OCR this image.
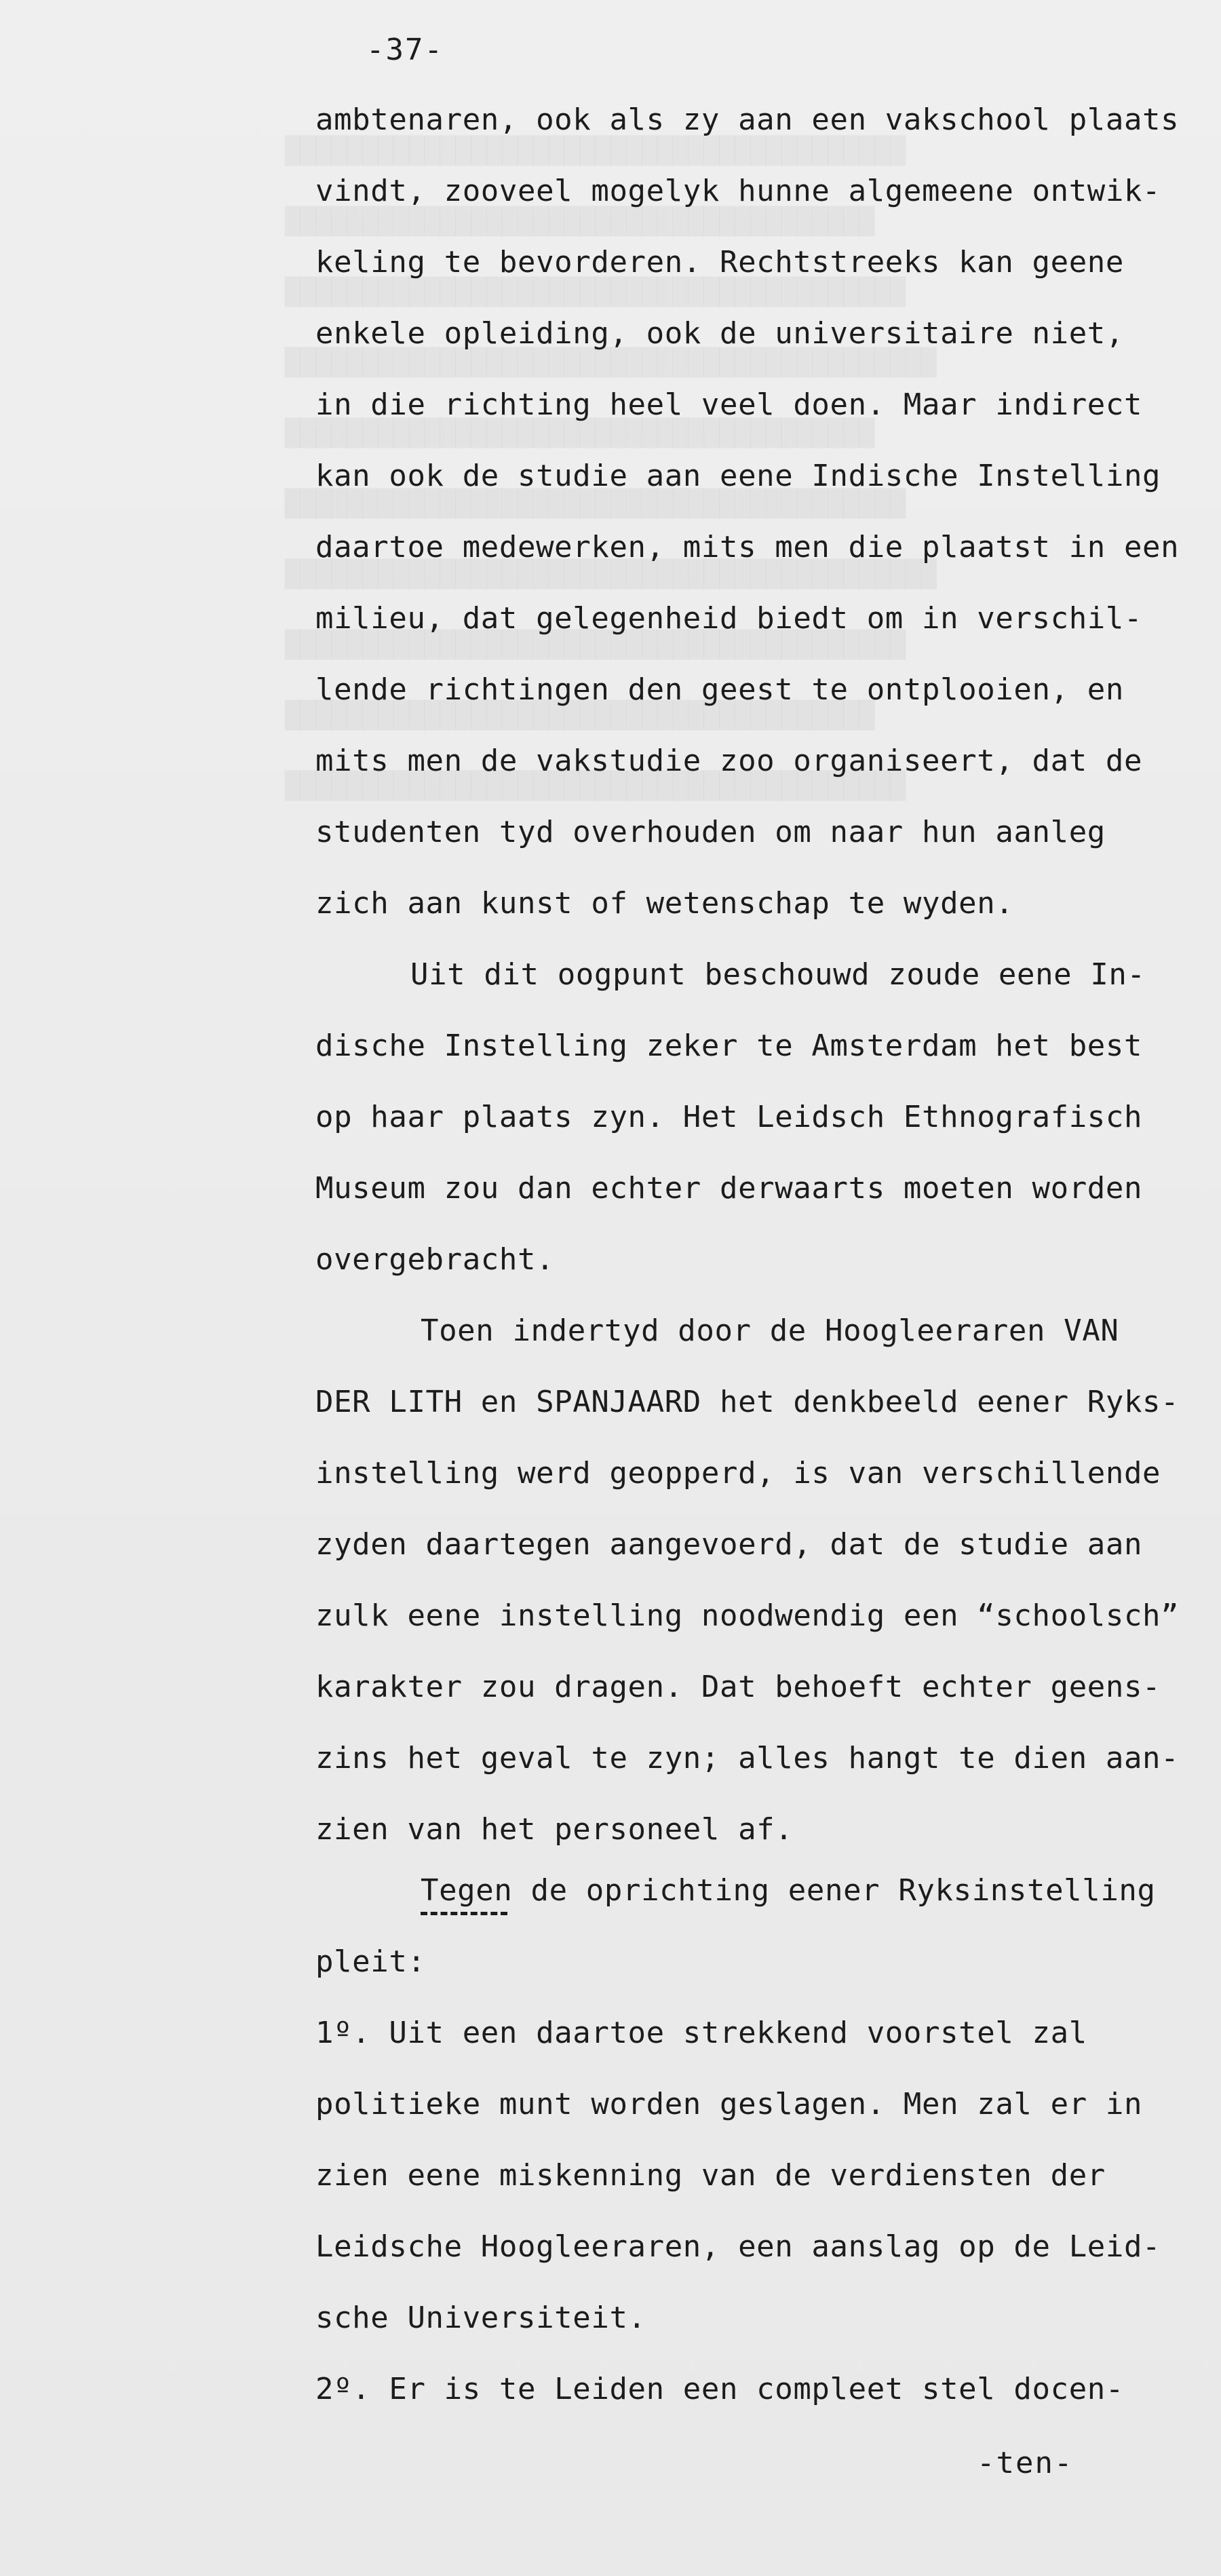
-37-
ambtenaren, ook als zy aan een vakschool plaats
vindt, zooveel mogelyk hunne algemeene ontwik-
keling te bevorderen. Rechtstreeks kan geene
enkele opleiding, ook de universitaire niet,
in die richting heel veel doen. Maar indirect
kan ook de studie aan eene Indische Instelling
daartoe medewerken, mits men die plaatst in een
milieu, dat gelegenheid biedt om in verschil-
lende richtingen den geest te ontplooien, en
mits men de vakstudie zoo organiseert, dat de
studenten tyd overhouden om naar hun aanleg
zich aan kunst of wetenschap te wyden.
Uit dit oogpunt beschouwd zoude eene In-
dische Instelling zeker te Amsterdam het best
op haar plaats zyn. Het Leidsch Ethnografisch
Museum zou dan echter derwaarts moeten worden
overgebracht.
Toen indertyd door de Hoogleeraren VAN
DER LITH en SPANJAARD het denkbeeld eener Ryks-
instelling werd geopperd, is van verschillende
zyden daartegen aangevoerd, dat de studie aan
zulk eene instelling noodwendig een “schoolsch”
karakter zou dragen. Dat behoeft echter geens-
zins het geval te zyn; alles hangt te dien aan-
zien van het personeel af.
Tegen de oprichting eener Ryksinstelling
pleit:
1º. Uit een daartoe strekkend voorstel zal
politieke munt worden geslagen. Men zal er in
zien eene miskenning van de verdiensten der
Leidsche Hoogleeraren, een aanslag op de Leid-
sche Universiteit.
2º. Er is te Leiden een compleet stel docen-
-ten-
